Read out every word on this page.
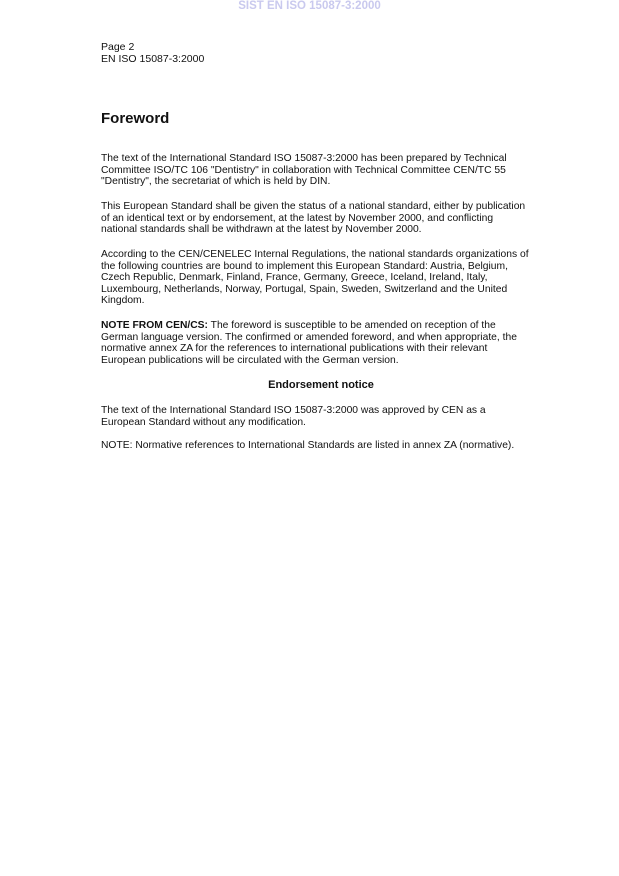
SIST EN ISO 15087-3:2000
Page 2
EN ISO 15087-3:2000
Foreword
The text of the International Standard ISO 15087-3:2000 has been prepared by Technical
Committee ISO/TC 106 "Dentistry" in collaboration with Technical Committee CEN/TC 55
"Dentistry", the secretariat of which is held by DIN.
This European Standard shall be given the status of a national standard, either by publication
of an identical text or by endorsement, at the latest by November 2000, and conflicting
national standards shall be withdrawn at the latest by November 2000.
According to the CEN/CENELEC Internal Regulations, the national standards organizations of
the following countries are bound to implement this European Standard: Austria, Belgium,
Czech Republic, Denmark, Finland, France, Germany, Greece, Iceland, Ireland, Italy,
Luxembourg, Netherlands, Norway, Portugal, Spain, Sweden, Switzerland and the United
Kingdom.
NOTE FROM CEN/CS: The foreword is susceptible to be amended on reception of the
German language version. The confirmed or amended foreword, and when appropriate, the
normative annex ZA for the references to international publications with their relevant
European publications will be circulated with the German version.
Endorsement notice
The text of the International Standard ISO 15087-3:2000 was approved by CEN as a
European Standard without any modification.
NOTE: Normative references to International Standards are listed in annex ZA (normative).
